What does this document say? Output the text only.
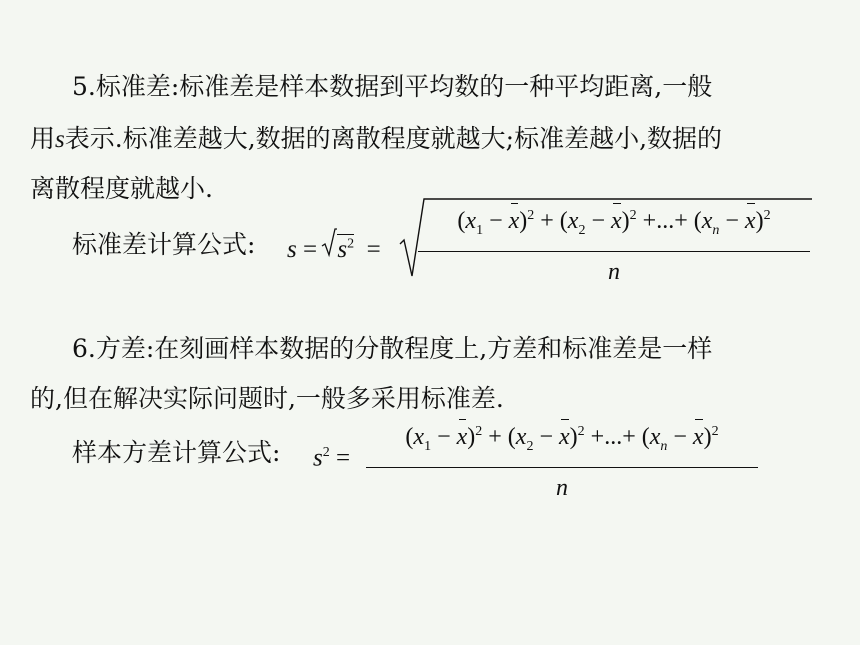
5.标准差:标准差是样本数据到平均数的一种平均距离,一般
用s表示.标准差越大,数据的离散程度就越大;标准差越小,数据的
离散程度就越小.
标准差计算公式: $s = s^2$  =
$(x_1 - x)^2 + (x_2 - x)^2$ +...+ $(x_n - x)^2$
n
6.方差:在刻画样本数据的分散程度上,方差和标准差是一样
的,但在解决实际问题时,一般多采用标准差.
样本方差计算公式: $s^2$ =
$(x_1 - x)^2 + (x_2 - x)^2$ +...+ $(x_n - x)^2$
n
